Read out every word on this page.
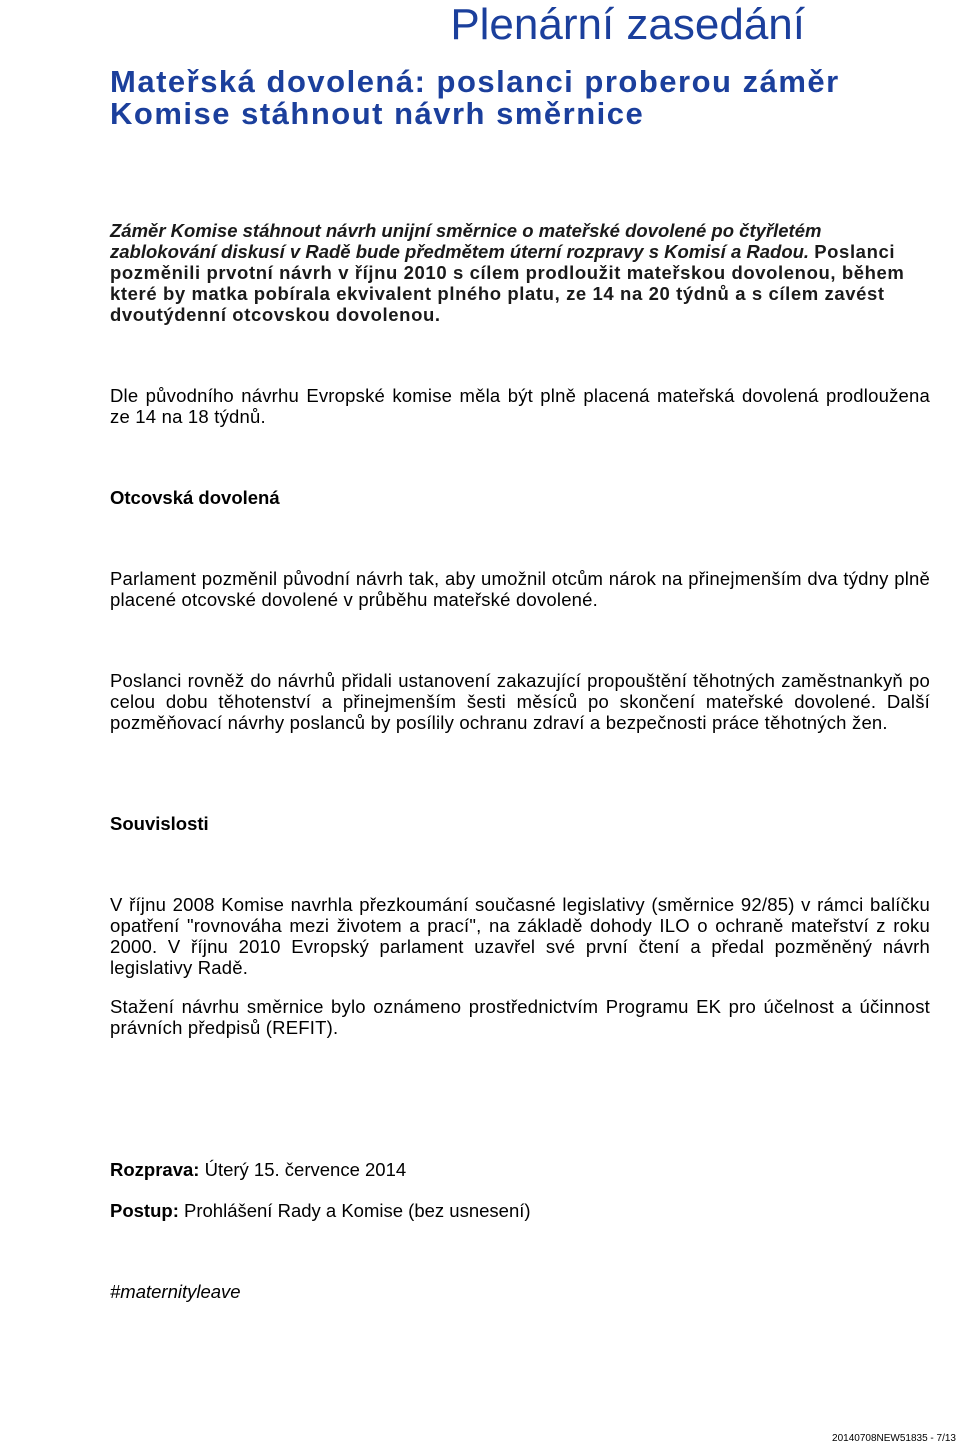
Plenární zasedání
Mateřská dovolená: poslanci proberou záměr
Komise stáhnout návrh směrnice

Záměr Komise stáhnout návrh unijní směrnice o mateřské dovolené po čtyřletém zablokování diskusí v Radě bude předmětem úterní rozpravy s Komisí a Radou. Poslanci pozměnili prvotní návrh v říjnu 2010 s cílem prodloužit mateřskou dovolenou, během které by matka pobírala ekvivalent plného platu, ze 14 na 20 týdnů a s cílem zavést dvoutýdenní otcovskou dovolenou.

Dle původního návrhu Evropské komise měla být plně placená mateřská dovolená prodloužena ze 14 na 18 týdnů.

Otcovská dovolená

Parlament pozměnil původní návrh tak, aby umožnil otcům nárok na přinejmenším dva týdny plně placené otcovské dovolené v průběhu mateřské dovolené.

Poslanci rovněž do návrhů přidali ustanovení zakazující propouštění těhotných zaměstnankyň po celou dobu těhotenství a přinejmenším šesti měsíců po skončení mateřské dovolené. Další pozměňovací návrhy poslanců by posílily ochranu zdraví a bezpečnosti práce těhotných žen.

Souvislosti

V říjnu 2008 Komise navrhla přezkoumání současné legislativy (směrnice 92/85) v rámci balíčku opatření "rovnováha mezi životem a prací", na základě dohody ILO o ochraně mateřství z roku 2000. V říjnu 2010 Evropský parlament uzavřel své první čtení a předal pozměněný návrh legislativy Radě.

Stažení návrhu směrnice bylo oznámeno prostřednictvím Programu EK pro účelnost a účinnost právních předpisů (REFIT).

Rozprava: Úterý 15. července 2014

Postup: Prohlášení Rady a Komise (bez usnesení)

#maternityleave

20140708NEW51835 - 7/13
